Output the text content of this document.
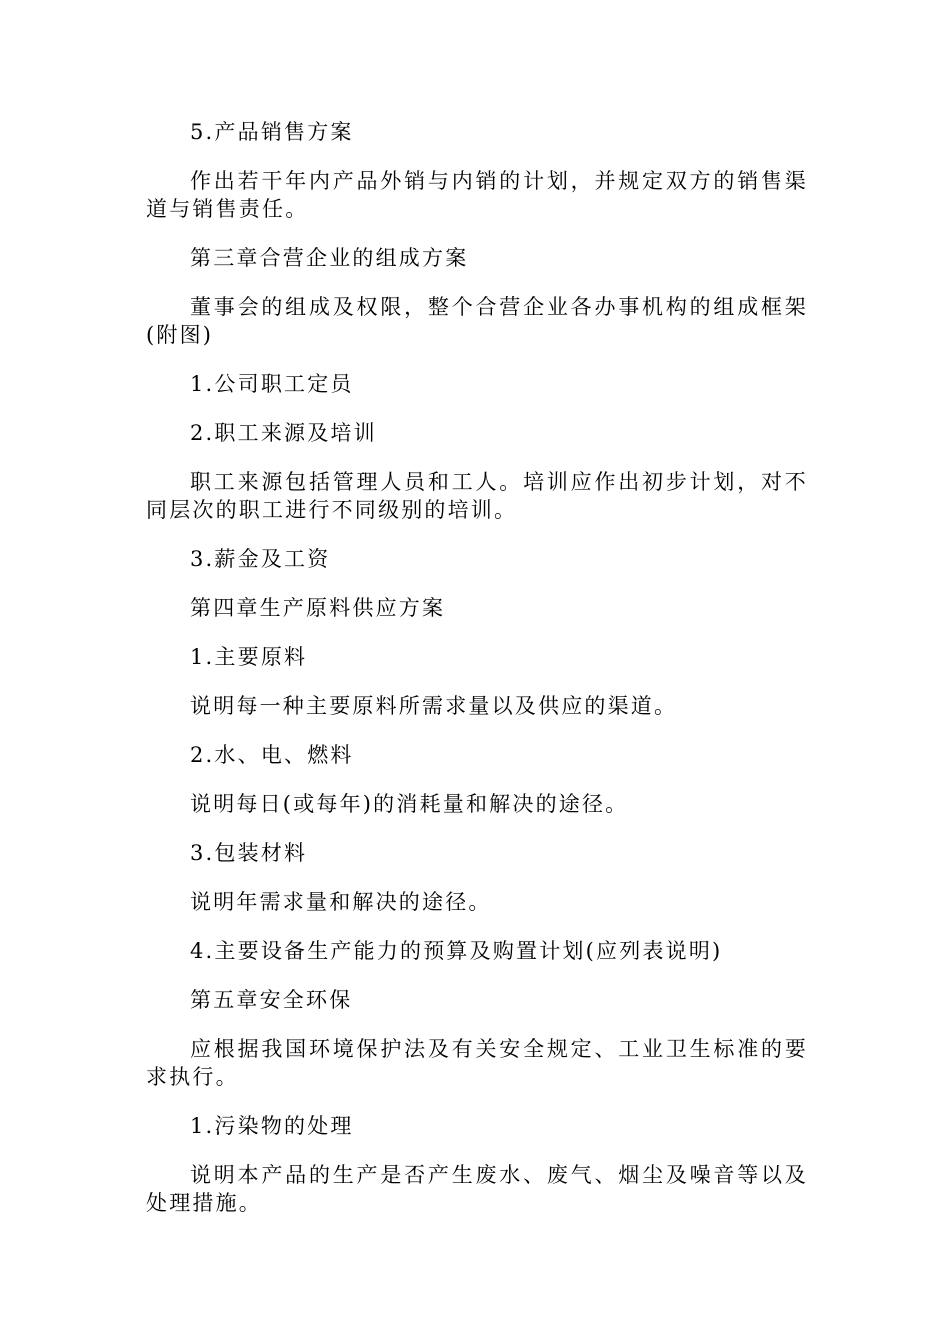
5.产品销售方案

作出若干年内产品外销与内销的计划，并规定双方的销售渠道与销售责任。

第三章合营企业的组成方案

董事会的组成及权限，整个合营企业各办事机构的组成框架(附图)

1.公司职工定员

2.职工来源及培训

职工来源包括管理人员和工人。培训应作出初步计划，对不同层次的职工进行不同级别的培训。

3.薪金及工资

第四章生产原料供应方案

1.主要原料

说明每一种主要原料所需求量以及供应的渠道。

2.水、电、燃料

说明每日(或每年)的消耗量和解决的途径。

3.包装材料

说明年需求量和解决的途径。

4.主要设备生产能力的预算及购置计划(应列表说明)

第五章安全环保

应根据我国环境保护法及有关安全规定、工业卫生标准的要求执行。

1.污染物的处理

说明本产品的生产是否产生废水、废气、烟尘及噪音等以及处理措施。
